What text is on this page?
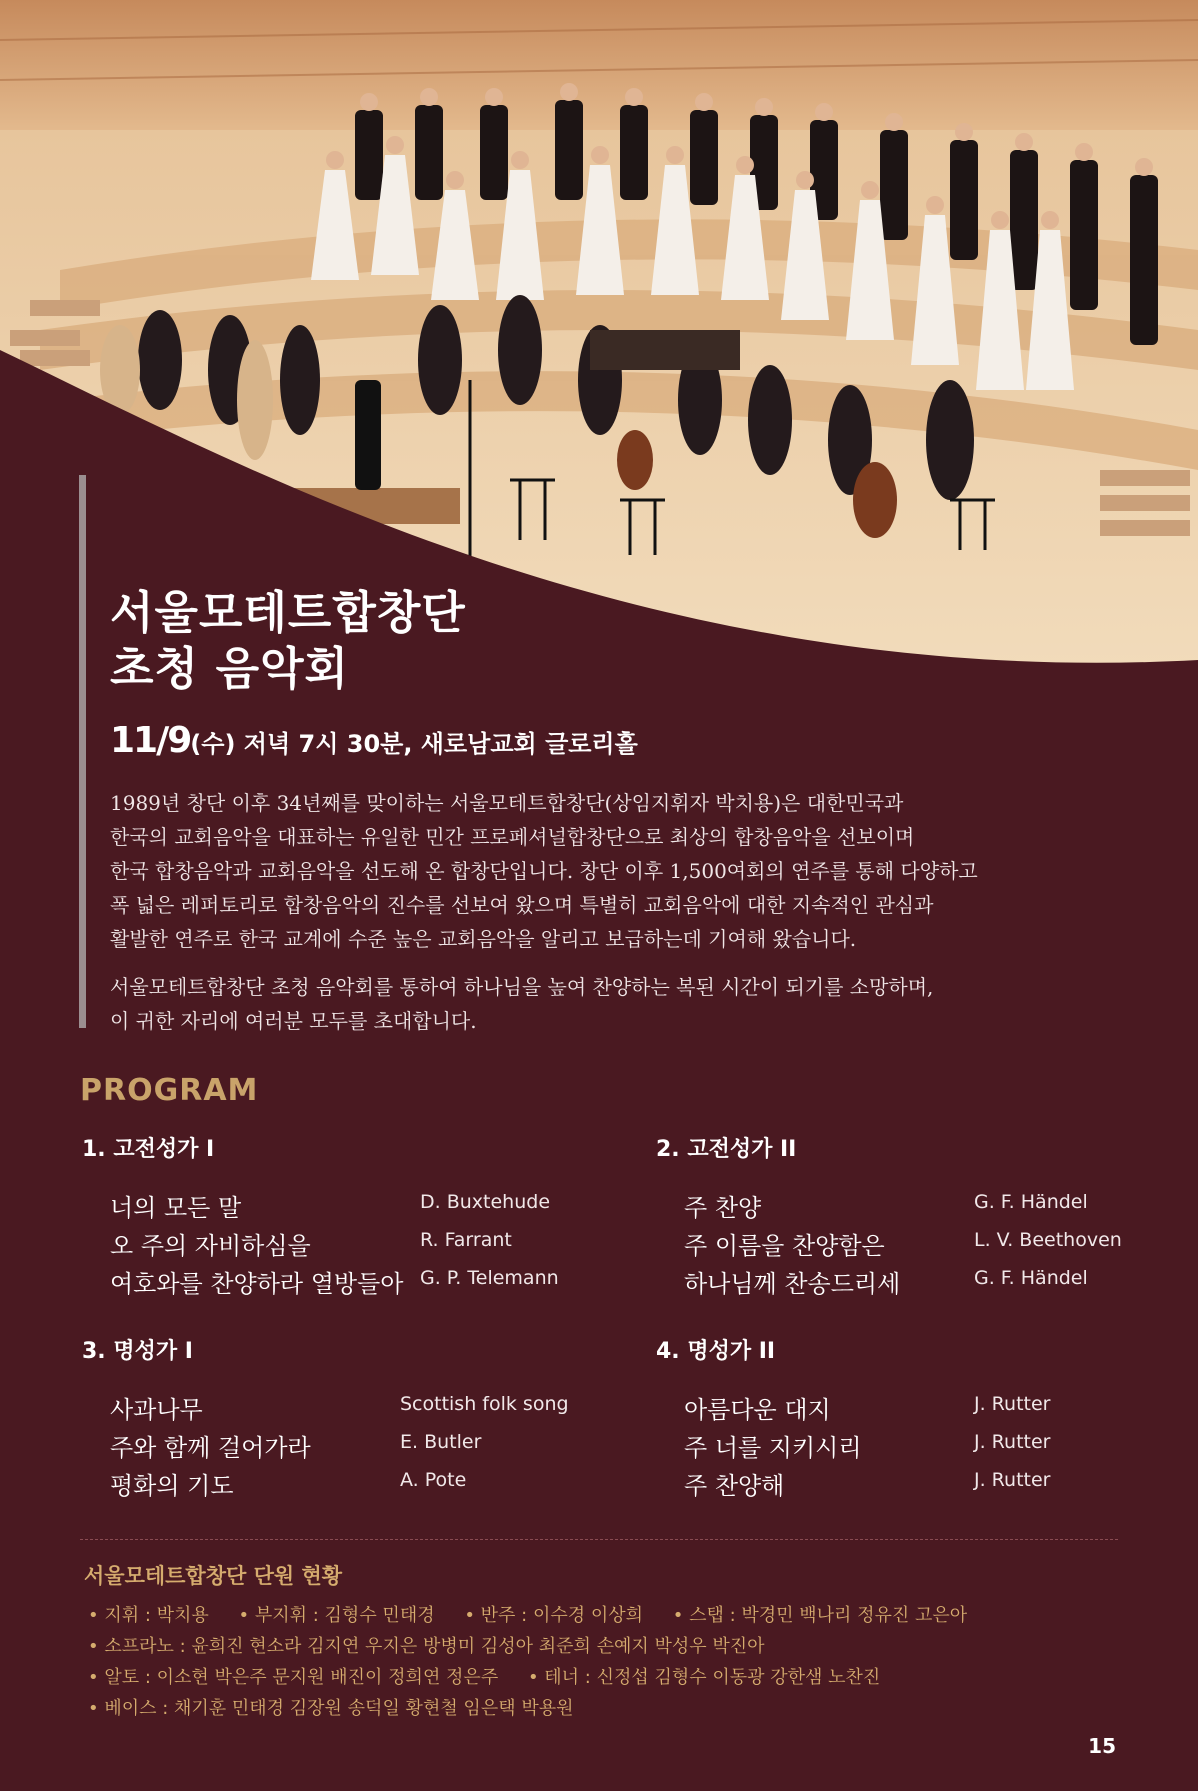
서울모테트합창단
초청 음악회
11/9(수) 저녁 7시 30분, 새로남교회 글로리홀

1989년 창단 이후 34년째를 맞이하는 서울모테트합창단(상임지휘자 박치용)은 대한민국과
한국의 교회음악을 대표하는 유일한 민간 프로페셔널합창단으로 최상의 합창음악을 선보이며
한국 합창음악과 교회음악을 선도해 온 합창단입니다. 창단 이후 1,500여회의 연주를 통해 다양하고
폭 넓은 레퍼토리로 합창음악의 진수를 선보여 왔으며 특별히 교회음악에 대한 지속적인 관심과
활발한 연주로 한국 교계에 수준 높은 교회음악을 알리고 보급하는데 기여해 왔습니다.

서울모테트합창단 초청 음악회를 통하여 하나님을 높여 찬양하는 복된 시간이 되기를 소망하며,
이 귀한 자리에 여러분 모두를 초대합니다.

PROGRAM
1. 고전성가 I
너의 모든 말	D. Buxtehude
오 주의 자비하심을	R. Farrant
여호와를 찬양하라 열방들아 G. P. Telemann
2. 고전성가 II
주 찬양	G. F. Händel
주 이름을 찬양함은	L. V. Beethoven
하나님께 찬송드리세	G. F. Händel
3. 명성가 I
사과나무	Scottish folk song
주와 함께 걸어가라	E. Butler
평화의 기도	A. Pote
4. 명성가 II
아름다운 대지	J. Rutter
주 너를 지키시리	J. Rutter
주 찬양해	J. Rutter
서울모테트합창단 단원 현황
• 지휘 : 박치용 • 부지휘 : 김형수 민태경 • 반주 : 이수경 이상희 • 스탭 : 박경민 백나리 정유진 고은아
• 소프라노 : 윤희진 현소라 김지연 우지은 방병미 김성아 최준희 손예지 박성우 박진아
• 알토 : 이소현 박은주 문지원 배진이 정희연 정은주 • 테너 : 신정섭 김형수 이동광 강한샘 노찬진
• 베이스 : 채기훈 민태경 김장원 송덕일 황현철 임은택 박용원
15
